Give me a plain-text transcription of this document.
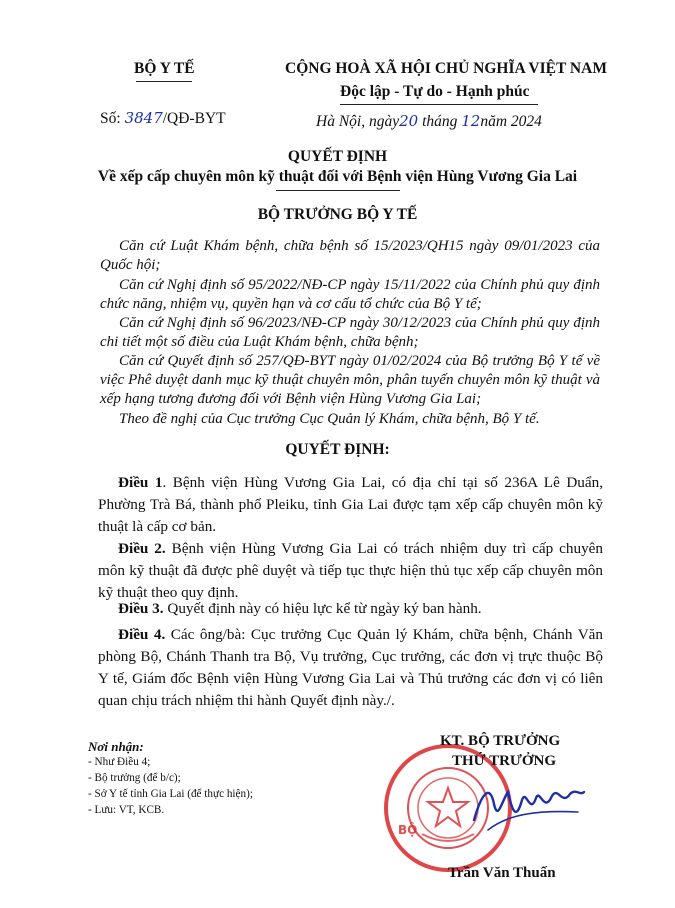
BỘ Y TẾ
Số: 3847/QĐ-BYT
CỘNG HOÀ XÃ HỘI CHỦ NGHĨA VIỆT NAM
Độc lập - Tự do - Hạnh phúc
Hà Nội, ngày20 tháng 12năm 2024
QUYẾT ĐỊNH
Về xếp cấp chuyên môn kỹ thuật đối với Bệnh viện Hùng Vương Gia Lai
BỘ TRƯỞNG BỘ Y TẾ

Căn cứ Luật Khám bệnh, chữa bệnh số 15/2023/QH15 ngày 09/01/2023 của Quốc hội;

Căn cứ Nghị định số 95/2022/NĐ-CP ngày 15/11/2022 của Chính phủ quy định chức năng, nhiệm vụ, quyền hạn và cơ cấu tổ chức của Bộ Y tế;

Căn cứ Nghị định số 96/2023/NĐ-CP ngày 30/12/2023 của Chính phủ quy định chi tiết một số điều của Luật Khám bệnh, chữa bệnh;

Căn cứ Quyết định số 257/QĐ-BYT ngày 01/02/2024 của Bộ trưởng Bộ Y tế về việc Phê duyệt danh mục kỹ thuật chuyên môn, phân tuyến chuyên môn kỹ thuật và xếp hạng tương đương đối với Bệnh viện Hùng Vương Gia Lai;

Theo đề nghị của Cục trưởng Cục Quản lý Khám, chữa bệnh, Bộ Y tế.

QUYẾT ĐỊNH:

Điều 1. Bệnh viện Hùng Vương Gia Lai, có địa chỉ tại số 236A Lê Duẩn, Phường Trà Bá, thành phố Pleiku, tỉnh Gia Lai được tạm xếp cấp chuyên môn kỹ thuật là cấp cơ bản.

Điều 2. Bệnh viện Hùng Vương Gia Lai có trách nhiệm duy trì cấp chuyên môn kỹ thuật đã được phê duyệt và tiếp tục thực hiện thủ tục xếp cấp chuyên môn kỹ thuật theo quy định.

Điều 3. Quyết định này có hiệu lực kể từ ngày ký ban hành.

Điều 4. Các ông/bà: Cục trưởng Cục Quản lý Khám, chữa bệnh, Chánh Văn phòng Bộ, Chánh Thanh tra Bộ, Vụ trưởng, Cục trưởng, các đơn vị trực thuộc Bộ Y tế, Giám đốc Bệnh viện Hùng Vương Gia Lai và Thủ trưởng các đơn vị có liên quan chịu trách nhiệm thi hành Quyết định này./.

Nơi nhận:
- Như Điều 4;
- Bộ trưởng (để b/c);
- Sở Y tế tỉnh Gia Lai (để thực hiện);
- Lưu: VT, KCB.
BỘ
KT. BỘ TRƯỞNG
THỨ TRƯỞNG
Trần Văn Thuấn
